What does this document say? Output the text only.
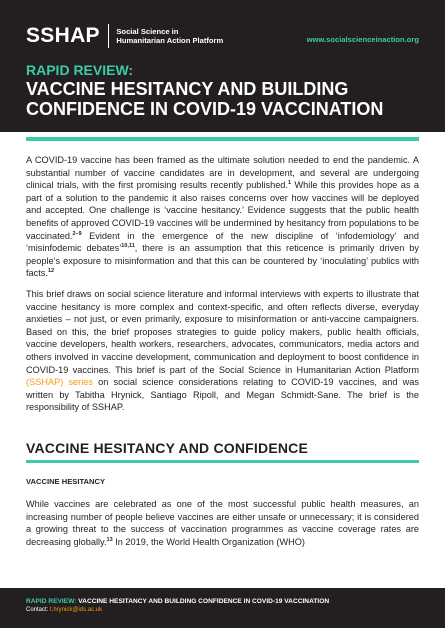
SSHAP Social Science in
Humanitarian Action Platform	www.socialscienceinaction.org
RAPID REVIEW:
VACCINE HESITANCY AND BUILDING
CONFIDENCE IN COVID-19 VACCINATION

A COVID-19 vaccine has been framed as the ultimate solution needed to end the pandemic. A substantial number of vaccine candidates are in development, and several are undergoing clinical trials, with the first promising results recently published.$^1$ While this provides hope as a part of a solution to the pandemic it also raises concerns over how vaccines will be deployed and accepted. One challenge is ‘vaccine hesitancy.’ Evidence suggests that the public health benefits of approved COVID-19 vaccines will be undermined by hesitancy from populations to be vaccinated.$^{2-9}$ Evident in the emergence of the new discipline of ‘infodemiology’ and ‘misinfodemic debates’$^{10,11}$, there is an assumption that this reticence is primarily driven by people’s exposure to misinformation and that this can be countered by ‘inoculating’ publics with facts.$^{12}$

This brief draws on social science literature and informal interviews with experts to illustrate that vaccine hesitancy is more complex and context-specific, and often reflects diverse, everyday anxieties – not just, or even primarily, exposure to misinformation or anti-vaccine campaigners. Based on this, the brief proposes strategies to guide policy makers, public health officials, vaccine developers, health workers, researchers, advocates, communicators, media actors and others involved in vaccine development, communication and deployment to boost confidence in COVID-19 vaccines. This brief is part of the Social Science in Humanitarian Action Platform (SSHAP) series on social science considerations relating to COVID-19 vaccines, and was written by Tabitha Hrynick, Santiago Ripoll, and Megan Schmidt-Sane. The brief is the responsibility of SSHAP.

VACCINE HESITANCY AND CONFIDENCE
VACCINE HESITANCY

While vaccines are celebrated as one of the most successful public health measures, an increasing number of people believe vaccines are either unsafe or unnecessary; it is considered a growing threat to the success of vaccination programmes as vaccine coverage rates are decreasing globally.$^{13}$ In 2019, the World Health Organization (WHO)

RAPID REVIEW: VACCINE HESITANCY AND BUILDING CONFIDENCE IN COVID-19 VACCINATION
Contact: t.hrynick@ids.ac.uk
